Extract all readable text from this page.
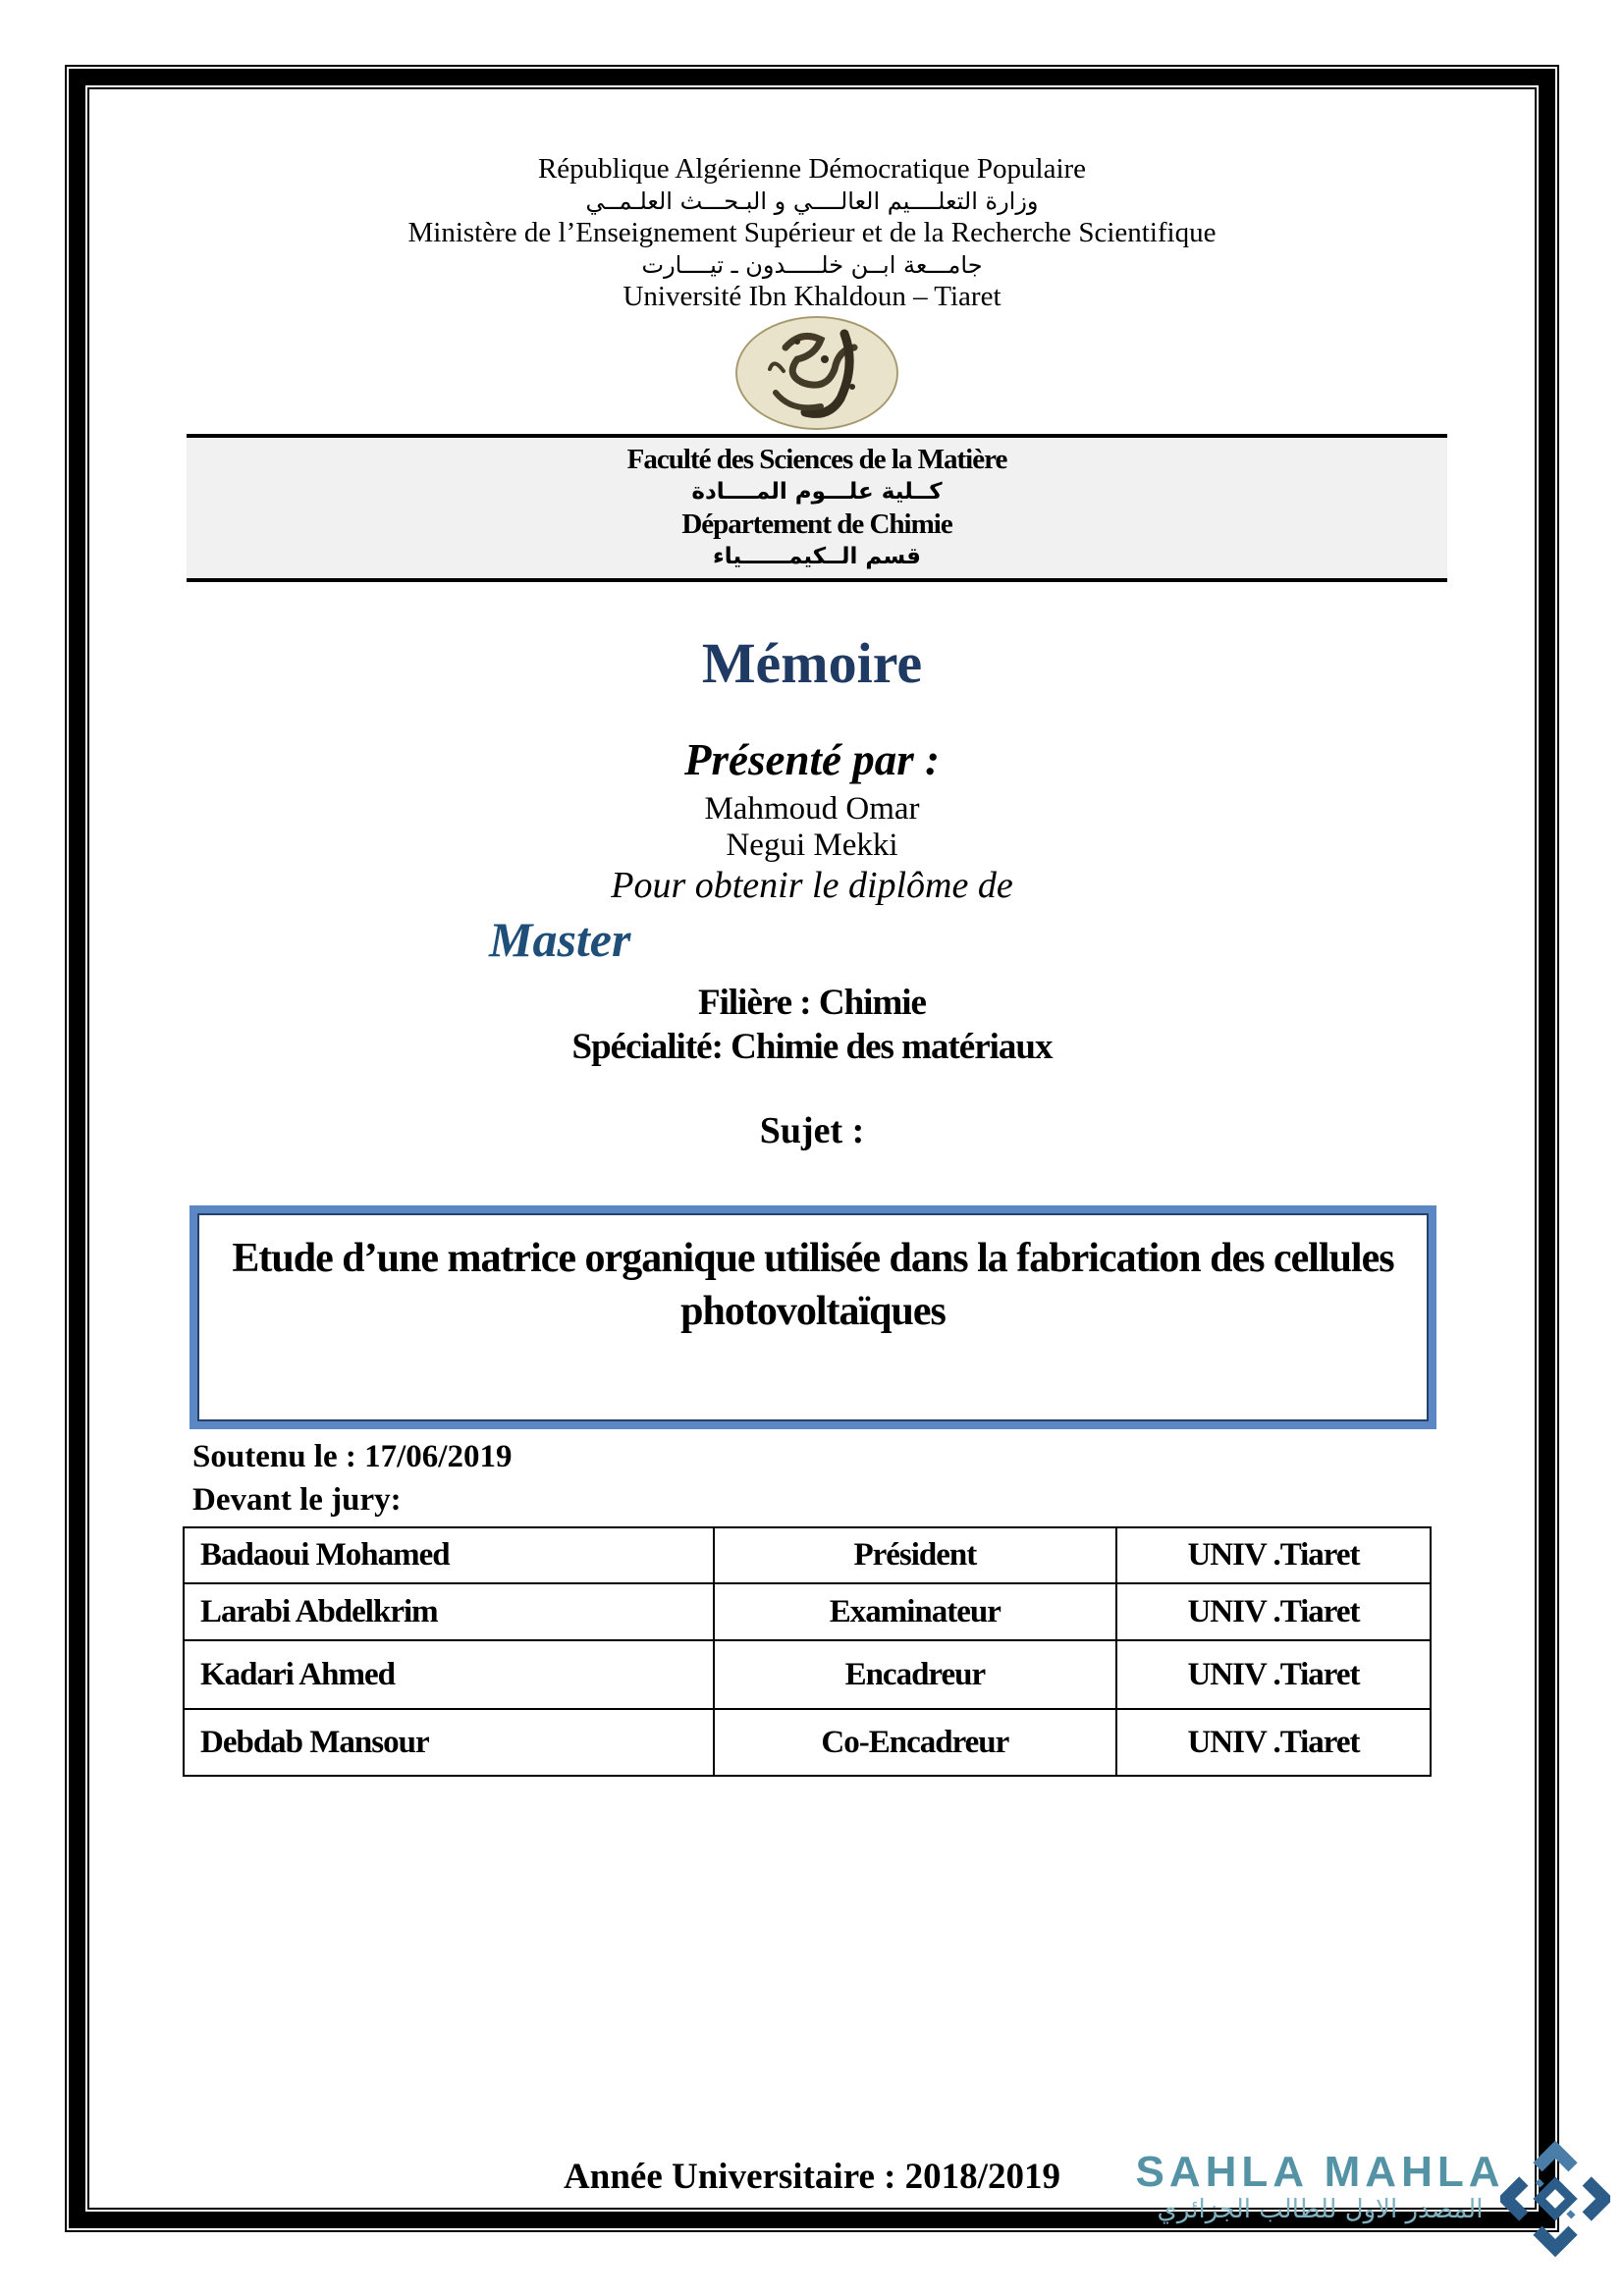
République Algérienne Démocratique Populaire
وزارة التعلــــيم العالــــي و البـحـــث العلـمــي
Ministère de l’Enseignement Supérieur et de la Recherche Scientifique
جامـــعة ابــن خلـــــدون ـ تيــــارت
Université Ibn Khaldoun – Tiaret
Faculté des Sciences de la Matière
كــلية علـــوم المــــادة
Département de Chimie
قسم الــكيمــــــياء
Mémoire
Présenté par :
Mahmoud Omar
Negui Mekki
Pour obtenir le diplôme de
Master
Filière : Chimie
Spécialité: Chimie des matériaux
Sujet :
Etude d’une matrice organique utilisée dans la fabrication des cellules photovoltaïques
Soutenu le : 17/06/2019
Devant le jury:
Badaoui Mohamed	Président	UNIV .Tiaret
Larabi Abdelkrim	Examinateur	UNIV .Tiaret
Kadari Ahmed	Encadreur	UNIV .Tiaret
Debdab Mansour	Co-Encadreur	UNIV .Tiaret
Année Universitaire : 2018/2019	SAHLA MAHLA
المصدر الاول للطالب الجزائري
